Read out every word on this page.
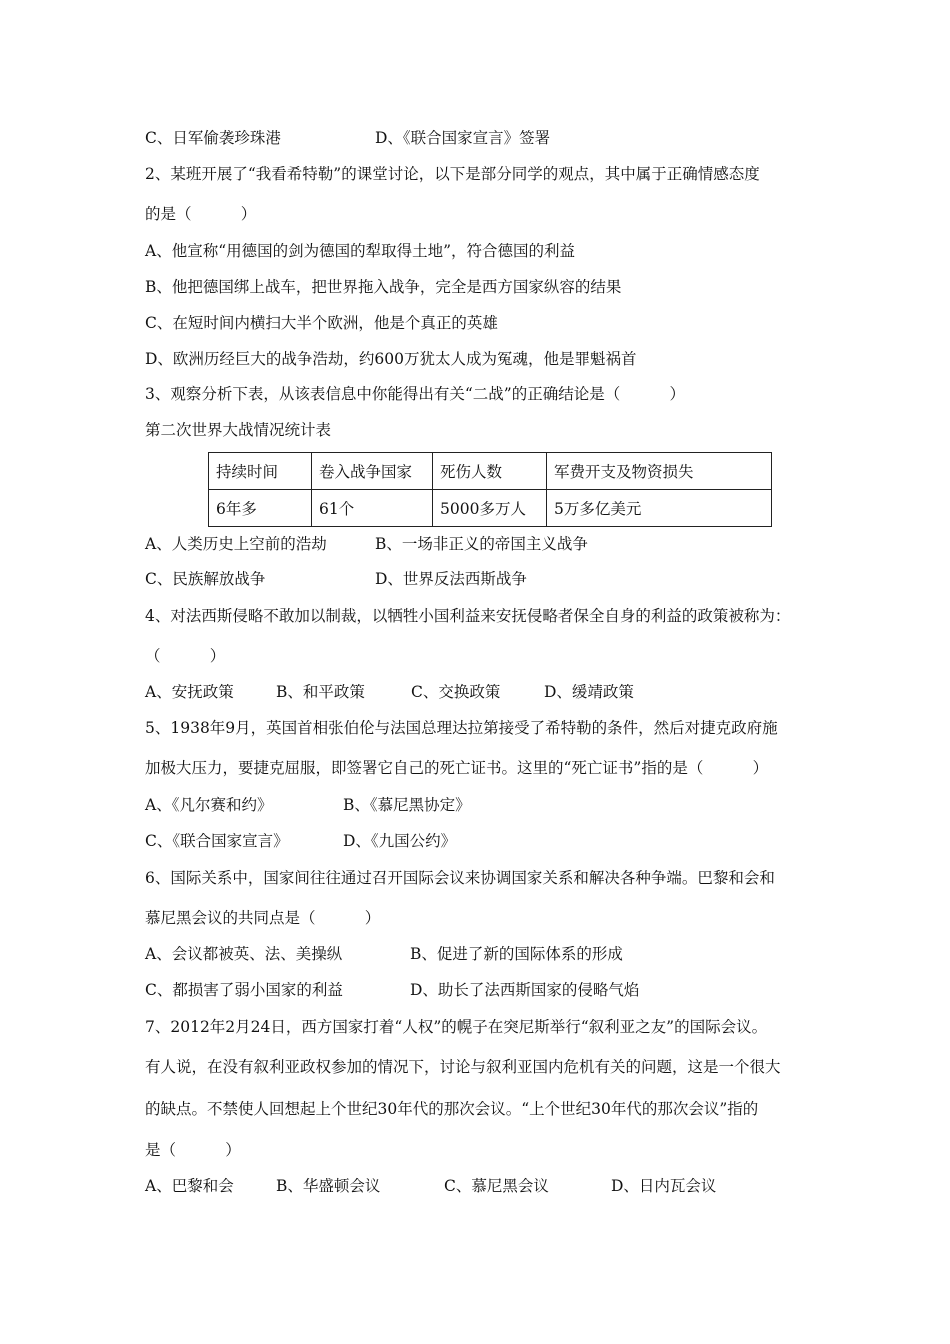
C、日军偷袭珍珠港	D、《联合国家宣言》签署
2、某班开展了“我看希特勒”的课堂讨论，以下是部分同学的观点，其中属于正确情感态度
的是（          ）
A、他宣称“用德国的剑为德国的犁取得土地”，符合德国的利益
B、他把德国绑上战车，把世界拖入战争，完全是西方国家纵容的结果
C、在短时间内横扫大半个欧洲，他是个真正的英雄
D、欧洲历经巨大的战争浩劫，约600万犹太人成为冤魂，他是罪魁祸首
3、观察分析下表，从该表信息中你能得出有关“二战”的正确结论是（          ）
第二次世界大战情况统计表
持续时间	卷入战争国家	死伤人数	军费开支及物资损失
6年多	61个	5000多万人	5万多亿美元
A、人类历史上空前的浩劫	B、一场非正义的帝国主义战争
C、民族解放战争	D、世界反法西斯战争
4、对法西斯侵略不敢加以制裁，以牺牲小国利益来安抚侵略者保全自身的利益的政策被称为：
（          ）
A、安抚政策	B、和平政策	C、交换政策	D、缓靖政策
5、1938年9月，英国首相张伯伦与法国总理达拉第接受了希特勒的条件，然后对捷克政府施
加极大压力，要捷克屈服，即签署它自己的死亡证书。这里的“死亡证书”指的是（          ）
A、《凡尔赛和约》	B、《慕尼黑协定》
C、《联合国家宣言》	D、《九国公约》
6、国际关系中，国家间往往通过召开国际会议来协调国家关系和解决各种争端。巴黎和会和
慕尼黑会议的共同点是（          ）
A、会议都被英、法、美操纵	B、促进了新的国际体系的形成
C、都损害了弱小国家的利益	D、助长了法西斯国家的侵略气焰
7、2012年2月24日，西方国家打着“人权”的幌子在突尼斯举行“叙利亚之友”的国际会议。
有人说，在没有叙利亚政权参加的情况下，讨论与叙利亚国内危机有关的问题，这是一个很大
的缺点。不禁使人回想起上个世纪30年代的那次会议。“上个世纪30年代的那次会议”指的
是（          ）
A、巴黎和会	B、华盛顿会议	C、慕尼黑会议	D、日内瓦会议
